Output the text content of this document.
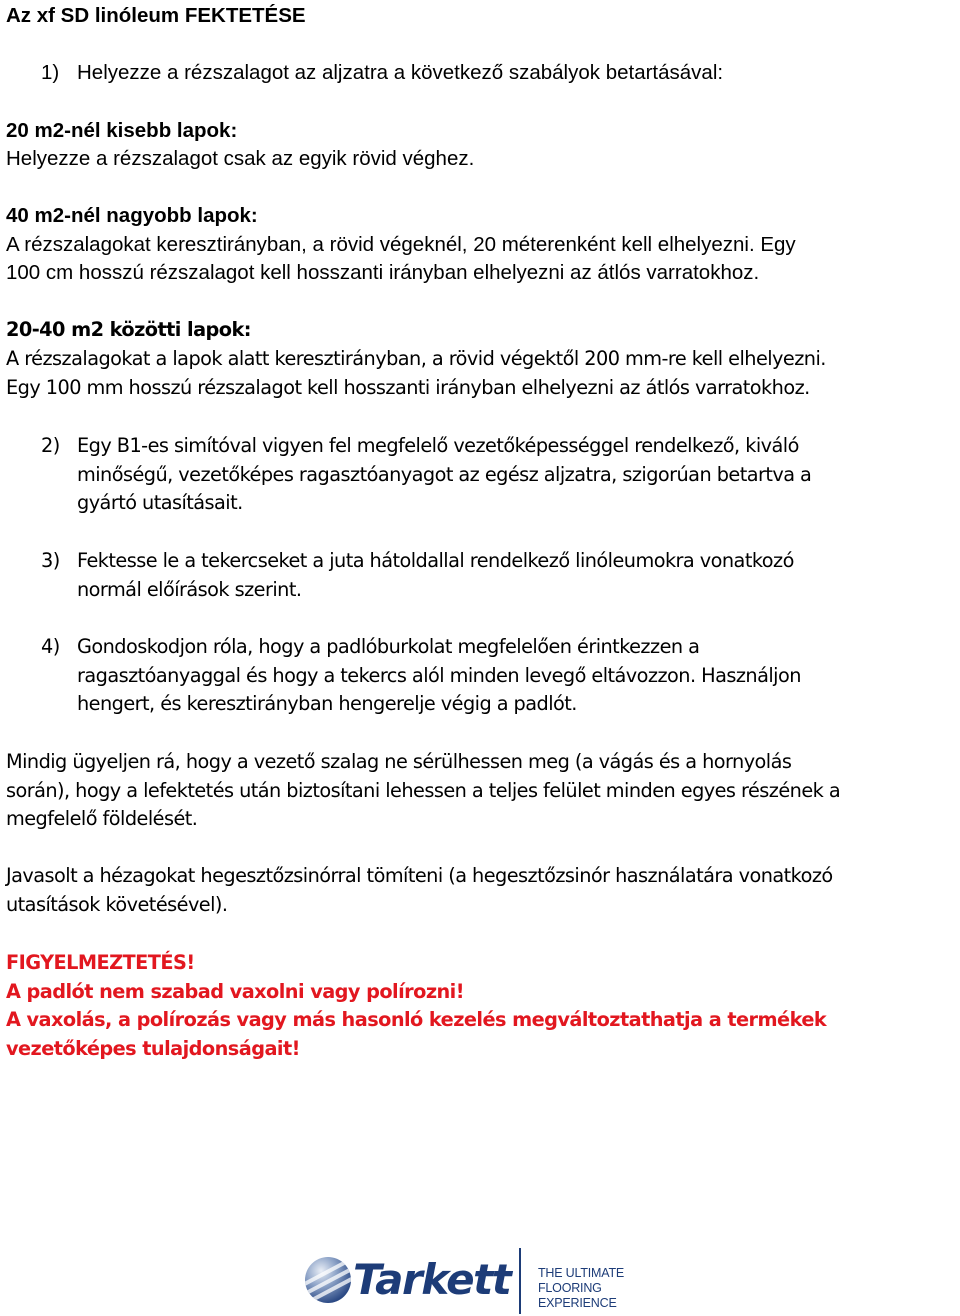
Az xf SD linóleum FEKTETÉSE
1) Helyezze a rézszalagot az aljzatra a következő szabályok betartásával:
20 m2-nél kisebb lapok:
Helyezze a rézszalagot csak az egyik rövid véghez.
40 m2-nél nagyobb lapok:
A rézszalagokat keresztirányban, a rövid végeknél, 20 méterenként kell elhelyezni. Egy
100 cm hosszú rézszalagot kell hosszanti irányban elhelyezni az átlós varratokhoz.
20-40 m2 közötti lapok:
A rézszalagokat a lapok alatt keresztirányban, a rövid végektől 200 mm-re kell elhelyezni.
Egy 100 mm hosszú rézszalagot kell hosszanti irányban elhelyezni az átlós varratokhoz.
2) Egy B1-es simítóval vigyen fel megfelelő vezetőképességgel rendelkező, kiváló
minőségű, vezetőképes ragasztóanyagot az egész aljzatra, szigorúan betartva a
gyártó utasításait.
3) Fektesse le a tekercseket a juta hátoldallal rendelkező linóleumokra vonatkozó
normál előírások szerint.
4) Gondoskodjon róla, hogy a padlóburkolat megfelelően érintkezzen a
ragasztóanyaggal és hogy a tekercs alól minden levegő eltávozzon. Használjon
hengert, és keresztirányban hengerelje végig a padlót.
Mindig ügyeljen rá, hogy a vezető szalag ne sérülhessen meg (a vágás és a hornyolás
során), hogy a lefektetés után biztosítani lehessen a teljes felület minden egyes részének a
megfelelő földelését.
Javasolt a hézagokat hegesztőzsinórral tömíteni (a hegesztőzsinór használatára vonatkozó
utasítások követésével).
FIGYELMEZTETÉS!
A padlót nem szabad vaxolni vagy polírozni!
A vaxolás, a polírozás vagy más hasonló kezelés megváltoztathatja a termékek
vezetőképes tulajdonságait!
Tarkett THE ULTIMATE
FLOORING EXPERIENCE
